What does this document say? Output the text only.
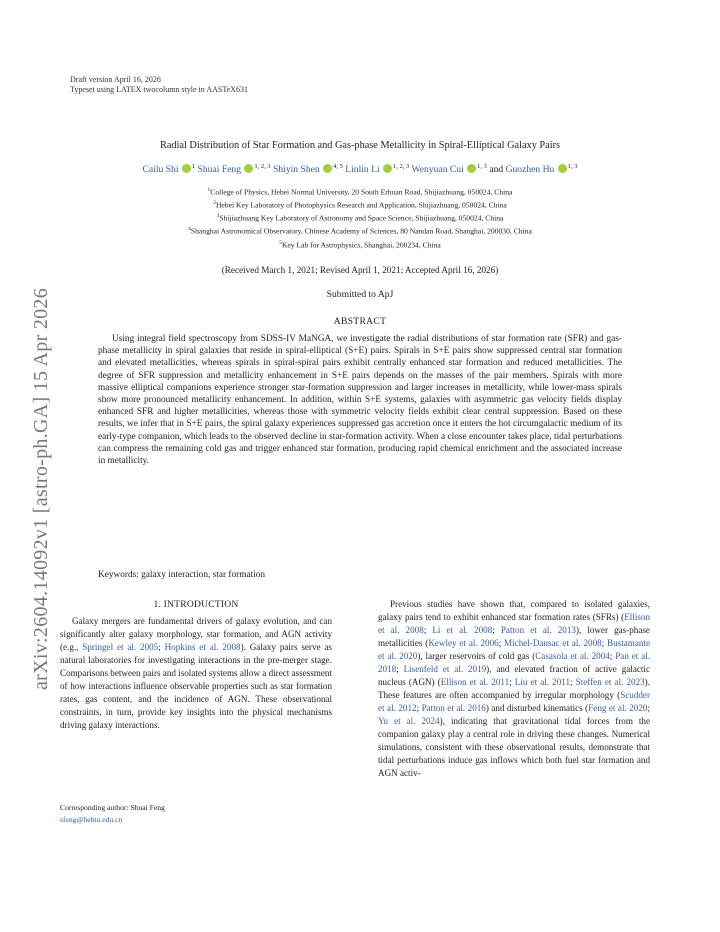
Draft version April 16, 2026
Typeset using LATEX twocolumn style in AASTeX631
arXiv:2604.14092v1 [astro-ph.GA] 15 Apr 2026
Radial Distribution of Star Formation and Gas-phase Metallicity in Spiral-Elliptical Galaxy Pairs
Cailu Shi $^1$ Shuai Feng $^{1, 2, 3}$ Shiyin Shen $^{4, 5}$ Linlin Li $^{1, 2, 3}$ Wenyuan Cui $^{1, 3}$ and Guozhen Hu $^{1, 3}$
$^1$College of Physics, Hebei Normal University, 20 South Erhuan Road, Shijiazhuang, 050024, China
$^2$Hebei Key Laboratory of Photophysics Research and Application, Shijiazhuang, 050024, China
$^3$Shijiazhuang Key Laboratory of Astronomy and Space Science, Shijiazhuang, 050024, China
$^4$Shanghai Astronomical Observatory, Chinese Academy of Sciences, 80 Nandan Road, Shanghai, 200030, China
$^5$Key Lab for Astrophysics, Shanghai, 200234, China
(Received March 1, 2021; Revised April 1, 2021; Accepted April 16, 2026)
Submitted to ApJ
ABSTRACT
Using integral field spectroscopy from SDSS-IV MaNGA, we investigate the radial distributions of star formation rate (SFR) and gas-phase metallicity in spiral galaxies that reside in spiral-elliptical (S+E) pairs. Spirals in S+E pairs show suppressed central star formation and elevated metallicities, whereas spirals in spiral-spiral pairs exhibit centrally enhanced star formation and reduced metallicities. The degree of SFR suppression and metallicity enhancement in S+E pairs depends on the masses of the pair members. Spirals with more massive elliptical companions experience stronger star-formation suppression and larger increases in metallicity, while lower-mass spirals show more pronounced metallicity enhancement. In addition, within S+E systems, galaxies with asymmetric gas velocity fields display enhanced SFR and higher metallicities, whereas those with symmetric velocity fields exhibit clear central suppression. Based on these results, we infer that in S+E pairs, the spiral galaxy experiences suppressed gas accretion once it enters the hot circumgalactic medium of its early-type companion, which leads to the observed decline in star-formation activity. When a close encounter takes place, tidal perturbations can compress the remaining cold gas and trigger enhanced star formation, producing rapid chemical enrichment and the associated increase in metallicity.
Keywords: galaxy interaction, star formation
1. INTRODUCTION

Galaxy mergers are fundamental drivers of galaxy evolution, and can significantly alter galaxy morphology, star formation, and AGN activity (e.g., Springel et al. 2005; Hopkins et al. 2008). Galaxy pairs serve as natural laboratories for investigating interactions in the pre-merger stage. Comparisons between pairs and isolated systems allow a direct assessment of how interactions influence observable properties such as star formation rates, gas content, and the incidence of AGN. These observational constraints, in turn, provide key insights into the physical mechanisms driving galaxy interactions.

Previous studies have shown that, compared to isolated galaxies, galaxy pairs tend to exhibit enhanced star formation rates (SFRs) (Ellison et al. 2008; Li et al. 2008; Patton et al. 2013), lower gas-phase metallicities (Kewley et al. 2006; Michel-Dansac et al. 2008; Bustamante et al. 2020), larger reservoirs of cold gas (Casasola et al. 2004; Pan et al. 2018; Lisenfeld et al. 2019), and elevated fraction of active galactic nucleus (AGN) (Ellison et al. 2011; Liu et al. 2011; Steffen et al. 2023). These features are often accompanied by irregular morphology (Scudder et al. 2012; Patton et al. 2016) and disturbed kinematics (Feng et al. 2020; Yu et al. 2024), indicating that gravitational tidal forces from the companion galaxy play a central role in driving these changes. Numerical simulations, consistent with these observational results, demonstrate that tidal perturbations induce gas inflows which both fuel star formation and AGN activ-

Corresponding author: Shuai Feng
sfeng@hebtu.edu.cn
